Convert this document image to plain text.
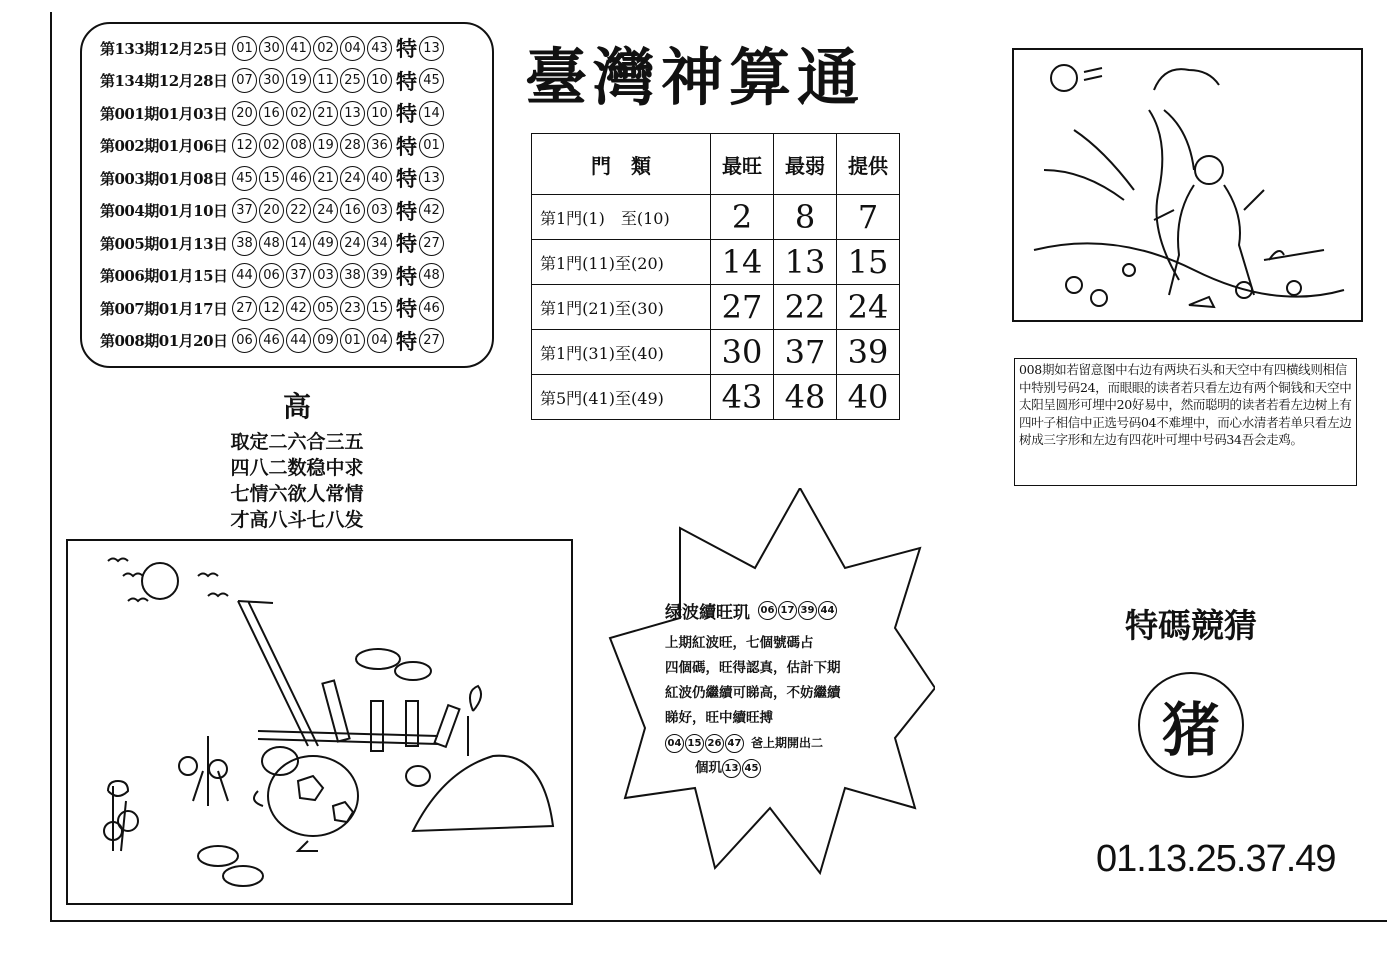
第133期12月25日 01 30 41 02 04 43 特 13
第134期12月28日 07 30 19 11 25 10 特 45
第001期01月03日 20 16 02 21 13 10 特 14
第002期01月06日 12 02 08 19 28 36 特 01
第003期01月08日 45 15 46 21 24 40 特 13
第004期01月10日 37 20 22 24 16 03 特 42
第005期01月13日 38 48 14 49 24 34 特 27
第006期01月15日 44 06 37 03 38 39 特 48
第007期01月17日 27 12 42 05 23 15 特 46
第008期01月20日 06 46 44 09 01 04 特 27
臺灣神算通
門　類	最旺	最弱	提供
第1門(1)　至(10)	2	8	7
第1門(11)至(20)	14	13	15
第1門(21)至(30)	27	22	24
第1門(31)至(40)	30	37	39
第5門(41)至(49)	43	48	40
高
取定二六合三五
四八二数稳中求
七情六欲人常情
才高八斗七八发
008期如若留意图中右边有两块石头和天空中有四横线则相信中特别号码24，而眼眼的读者若只看左边有两个铜钱和天空中太阳呈圆形可埋中20好易中，然而聪明的读者若看左边树上有四叶子相信中正选号码04不难埋中，而心水清者若单只看左边树成三字形和左边有四花叶可埋中号码34吾会走鸡。
绿波續旺玑 06 17 39 44
上期紅波旺，七個號碼占
四個碼，旺得認真，估計下期
紅波仍繼續可睇高，不妨繼續
睇好，旺中續旺搏
04 15 26 47 爸上期開出二
個玑 13 45
特碼競猜
猪
01.13.25.37.49
